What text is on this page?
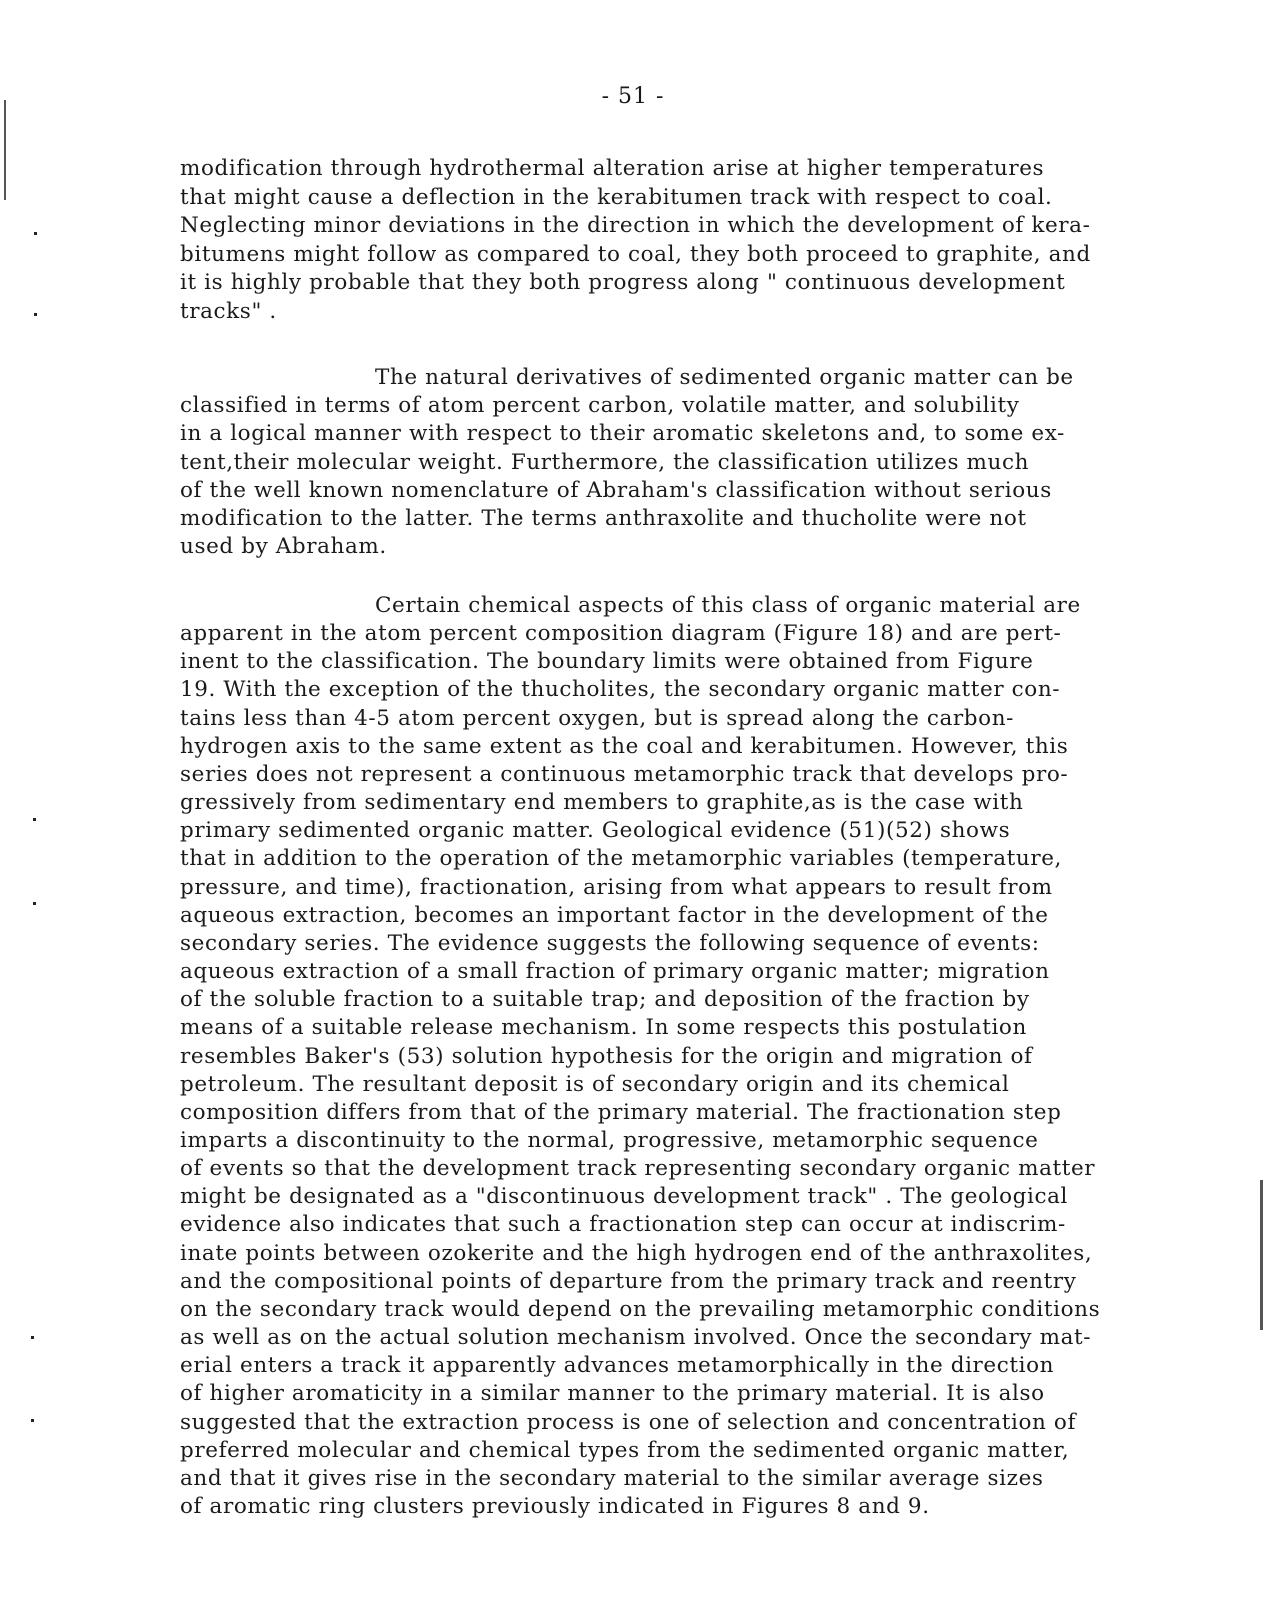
- 51 -
modification through hydrothermal alteration arise at higher temperatures
that might cause a deflection in the kerabitumen track with respect to coal.
Neglecting minor deviations in the direction in which the development of kera-
bitumens might follow as compared to coal, they both proceed to graphite, and
it is highly probable that they both progress along " continuous development
tracks" .
The natural derivatives of sedimented organic matter can be
classified in terms of atom percent carbon, volatile matter, and solubility
in a logical manner with respect to their aromatic skeletons and, to some ex-
tent,their molecular weight. Furthermore, the classification utilizes much
of the well known nomenclature of Abraham's classification without serious
modification to the latter. The terms anthraxolite and thucholite were not
used by Abraham.
Certain chemical aspects of this class of organic material are
apparent in the atom percent composition diagram (Figure 18) and are pert-
inent to the classification. The boundary limits were obtained from Figure
19. With the exception of the thucholites, the secondary organic matter con-
tains less than 4-5 atom percent oxygen, but is spread along the carbon-
hydrogen axis to the same extent as the coal and kerabitumen. However, this
series does not represent a continuous metamorphic track that develops pro-
gressively from sedimentary end members to graphite,as is the case with
primary sedimented organic matter. Geological evidence (51)(52) shows
that in addition to the operation of the metamorphic variables (temperature,
pressure, and time), fractionation, arising from what appears to result from
aqueous extraction, becomes an important factor in the development of the
secondary series. The evidence suggests the following sequence of events:
aqueous extraction of a small fraction of primary organic matter; migration
of the soluble fraction to a suitable trap; and deposition of the fraction by
means of a suitable release mechanism. In some respects this postulation
resembles Baker's (53) solution hypothesis for the origin and migration of
petroleum. The resultant deposit is of secondary origin and its chemical
composition differs from that of the primary material. The fractionation step
imparts a discontinuity to the normal, progressive, metamorphic sequence
of events so that the development track representing secondary organic matter
might be designated as a "discontinuous development track" . The geological
evidence also indicates that such a fractionation step can occur at indiscrim-
inate points between ozokerite and the high hydrogen end of the anthraxolites,
and the compositional points of departure from the primary track and reentry
on the secondary track would depend on the prevailing metamorphic conditions
as well as on the actual solution mechanism involved. Once the secondary mat-
erial enters a track it apparently advances metamorphically in the direction
of higher aromaticity in a similar manner to the primary material. It is also
suggested that the extraction process is one of selection and concentration of
preferred molecular and chemical types from the sedimented organic matter,
and that it gives rise in the secondary material to the similar average sizes
of aromatic ring clusters previously indicated in Figures 8 and 9.
